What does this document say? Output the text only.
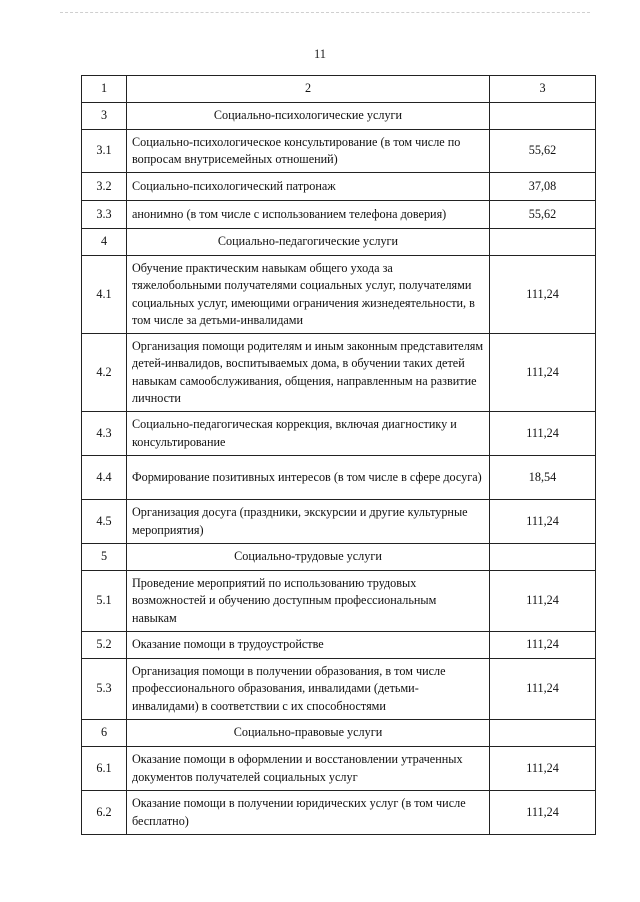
11
1	2	3
3	Социально-психологические услуги	
3.1	Социально-психологическое консультирование (в том числе по вопросам внутрисемейных отношений)	55,62
3.2	Социально-психологический патронаж	37,08
3.3	анонимно (в том числе с использованием телефона доверия)	55,62
4	Социально-педагогические услуги	
4.1	Обучение практическим навыкам общего ухода за тяжелобольными получателями социальных услуг, получателями социальных услуг, имеющими ограничения жизнедеятельности, в том числе за детьми-инвалидами	111,24
4.2	Организация помощи родителям и иным законным представителям детей-инвалидов, воспитываемых дома, в обучении таких детей навыкам самообслуживания, общения, направленным на развитие личности	111,24
4.3	Социально-педагогическая коррекция, включая диагностику и консультирование	111,24
4.4	Формирование позитивных интересов (в том числе в сфере досуга)	18,54
4.5	Организация досуга (праздники, экскурсии и другие культурные мероприятия)	111,24
5	Социально-трудовые услуги	
5.1	Проведение мероприятий по использованию трудовых возможностей и обучению доступным профессиональным навыкам	111,24
5.2	Оказание помощи в трудоустройстве	111,24
5.3	Организация помощи в получении образования, в том числе профессионального образования, инвалидами (детьми-инвалидами) в соответствии с их способностями	111,24
6	Социально-правовые услуги	
6.1	Оказание помощи в оформлении и восстановлении утраченных документов получателей социальных услуг	111,24
6.2	Оказание помощи в получении юридических услуг (в том числе бесплатно)	111,24
